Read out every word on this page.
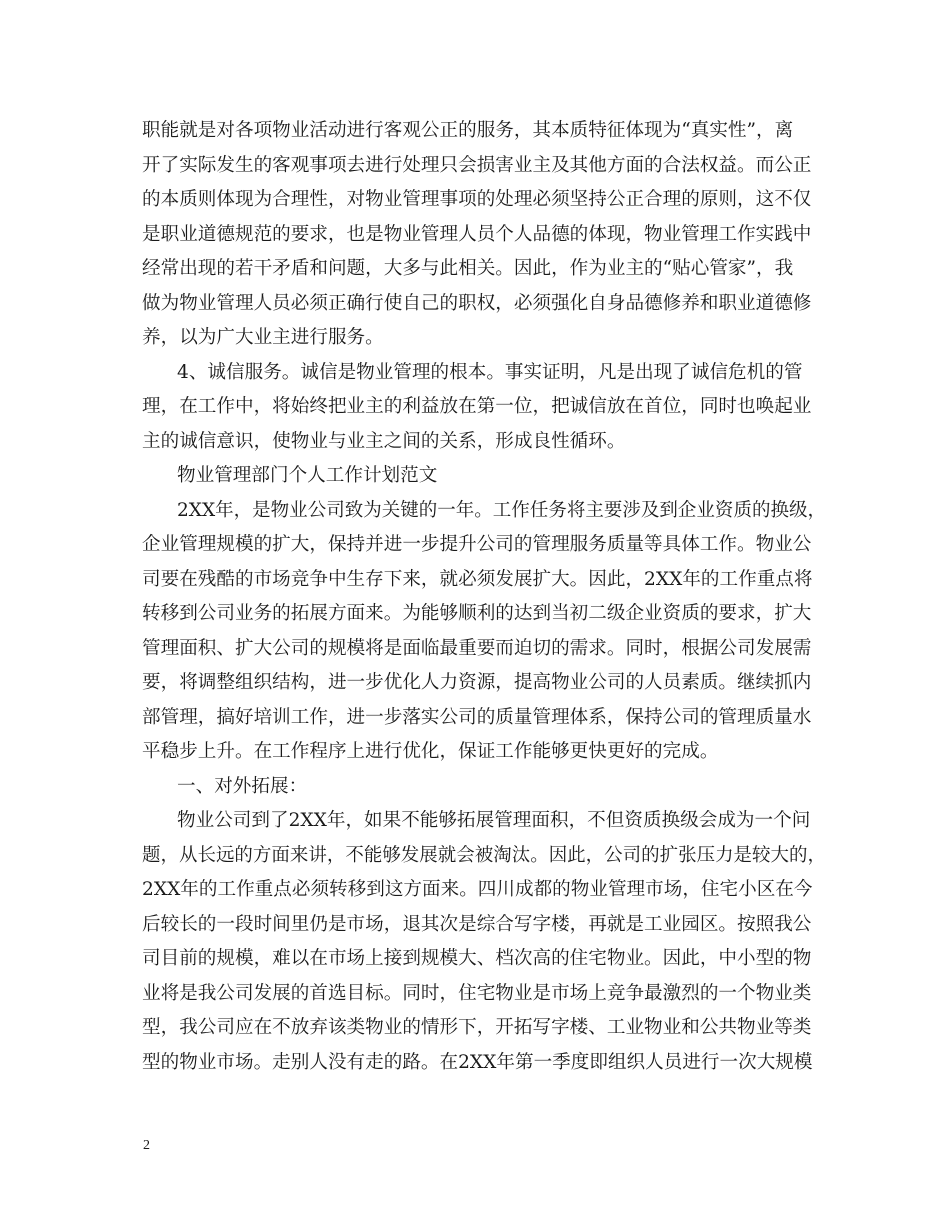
职能就是对各项物业活动进行客观公正的服务，其本质特征体现为“真实性”，离
开了实际发生的客观事项去进行处理只会损害业主及其他方面的合法权益。而公正
的本质则体现为合理性，对物业管理事项的处理必须坚持公正合理的原则，这不仅
是职业道德规范的要求，也是物业管理人员个人品德的体现，物业管理工作实践中
经常出现的若干矛盾和问题，大多与此相关。因此，作为业主的“贴心管家”，我
做为物业管理人员必须正确行使自己的职权，必须强化自身品德修养和职业道德修
养，以为广大业主进行服务。
4、诚信服务。诚信是物业管理的根本。事实证明，凡是出现了诚信危机的管
理，在工作中，将始终把业主的利益放在第一位，把诚信放在首位，同时也唤起业
主的诚信意识，使物业与业主之间的关系，形成良性循环。
物业管理部门个人工作计划范文
2XX年，是物业公司致为关键的一年。工作任务将主要涉及到企业资质的换级，
企业管理规模的扩大，保持并进一步提升公司的管理服务质量等具体工作。物业公
司要在残酷的市场竞争中生存下来，就必须发展扩大。因此，2XX年的工作重点将
转移到公司业务的拓展方面来。为能够顺利的达到当初二级企业资质的要求，扩大
管理面积、扩大公司的规模将是面临最重要而迫切的需求。同时，根据公司发展需
要，将调整组织结构，进一步优化人力资源，提高物业公司的人员素质。继续抓内
部管理，搞好培训工作，进一步落实公司的质量管理体系，保持公司的管理质量水
平稳步上升。在工作程序上进行优化，保证工作能够更快更好的完成。
一、对外拓展：
物业公司到了2XX年，如果不能够拓展管理面积，不但资质换级会成为一个问
题，从长远的方面来讲，不能够发展就会被淘汰。因此，公司的扩张压力是较大的，
2XX年的工作重点必须转移到这方面来。四川成都的物业管理市场，住宅小区在今
后较长的一段时间里仍是市场，退其次是综合写字楼，再就是工业园区。按照我公
司目前的规模，难以在市场上接到规模大、档次高的住宅物业。因此，中小型的物
业将是我公司发展的首选目标。同时，住宅物业是市场上竞争最激烈的一个物业类
型，我公司应在不放弃该类物业的情形下，开拓写字楼、工业物业和公共物业等类
型的物业市场。走别人没有走的路。在2XX年第一季度即组织人员进行一次大规模
2
